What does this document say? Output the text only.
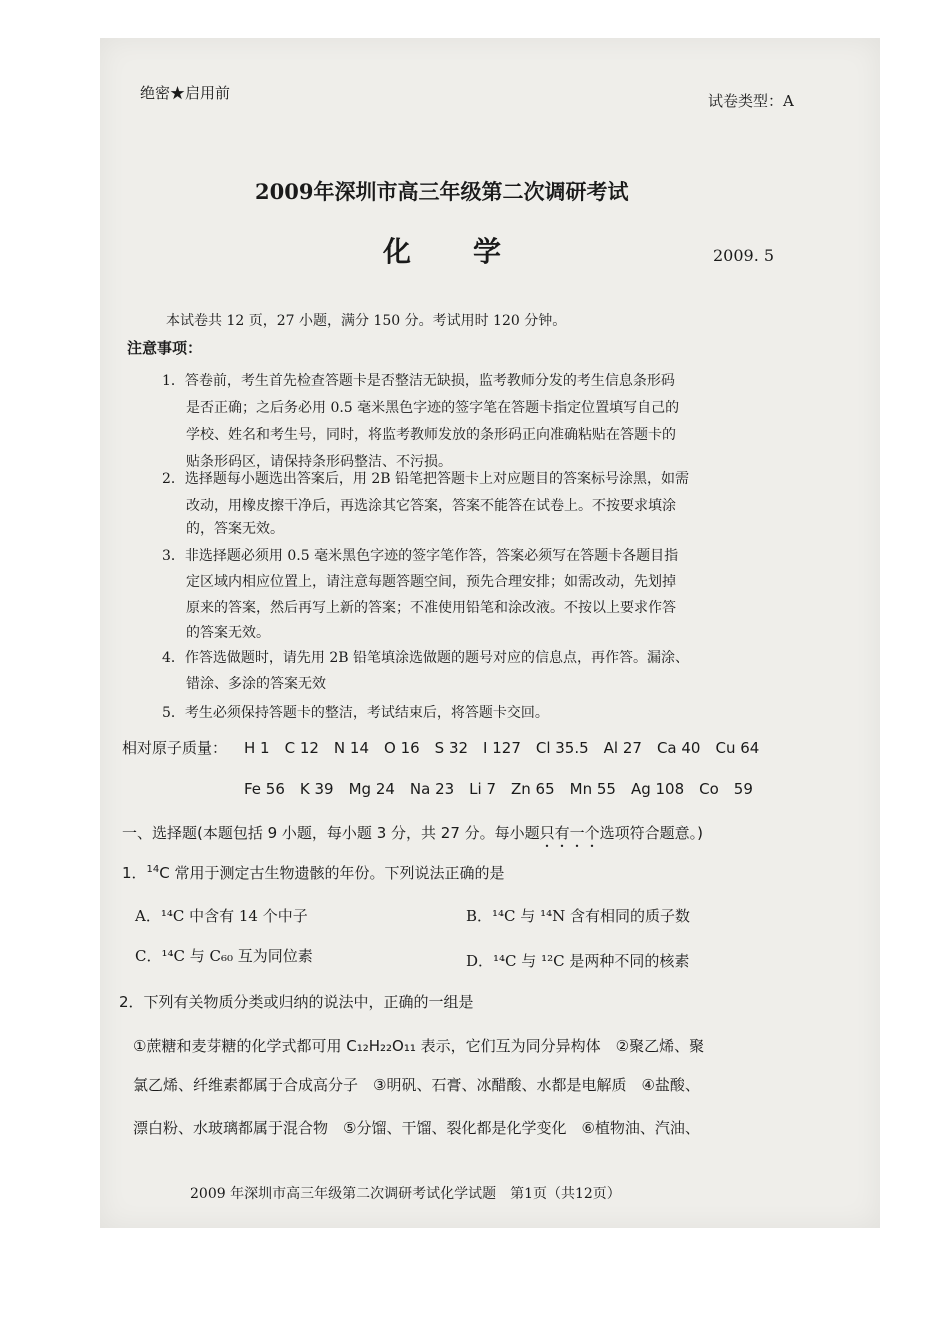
绝密★启用前	试卷类型：A
2009年深圳市高三年级第二次调研考试
化　　学	2009. 5
本试卷共 12 页，27 小题，满分 150 分。考试用时 120 分钟。
注意事项：
1．答卷前，考生首先检查答题卡是否整洁无缺损，监考教师分发的考生信息条形码
是否正确；之后务必用 0.5 毫米黑色字迹的签字笔在答题卡指定位置填写自己的
学校、姓名和考生号，同时，将监考教师发放的条形码正向准确粘贴在答题卡的
贴条形码区，请保持条形码整洁、不污损。
2．选择题每小题选出答案后，用 2B 铅笔把答题卡上对应题目的答案标号涂黑，如需
改动，用橡皮擦干净后，再选涂其它答案，答案不能答在试卷上。不按要求填涂
的，答案无效。
3．非选择题必须用 0.5 毫米黑色字迹的签字笔作答，答案必须写在答题卡各题目指
定区域内相应位置上，请注意每题答题空间，预先合理安排；如需改动，先划掉
原来的答案，然后再写上新的答案；不准使用铅笔和涂改液。不按以上要求作答
的答案无效。
4．作答选做题时，请先用 2B 铅笔填涂选做题的题号对应的信息点，再作答。漏涂、
错涂、多涂的答案无效
5．考生必须保持答题卡的整洁，考试结束后，将答题卡交回。
相对原子质量： H 1　C 12　N 14　O 16　S 32　I 127　Cl 35.5　Al 27　Ca 40　Cu 64
Fe 56　K 39　Mg 24　Na 23　Li 7　Zn 65　Mn 55　Ag 108　Co　59
一、选择题(本题包括 9 小题，每小题 3 分，共 27 分。每小题只有一个选项符合题意。)
1．$^{14}$C 常用于测定古生物遗骸的年份。下列说法正确的是
A．¹⁴C 中含有 14 个中子	B．¹⁴C 与 ¹⁴N 含有相同的质子数
C．¹⁴C 与 C₆₀ 互为同位素	D．¹⁴C 与 ¹²C 是两种不同的核素
2．下列有关物质分类或归纳的说法中，正确的一组是
①蔗糖和麦芽糖的化学式都可用 C₁₂H₂₂O₁₁ 表示，它们互为同分异构体　②聚乙烯、聚
氯乙烯、纤维素都属于合成高分子　③明矾、石膏、冰醋酸、水都是电解质　④盐酸、
漂白粉、水玻璃都属于混合物　⑤分馏、干馏、裂化都是化学变化　⑥植物油、汽油、
2009 年深圳市高三年级第二次调研考试化学试题　第1页（共12页）
